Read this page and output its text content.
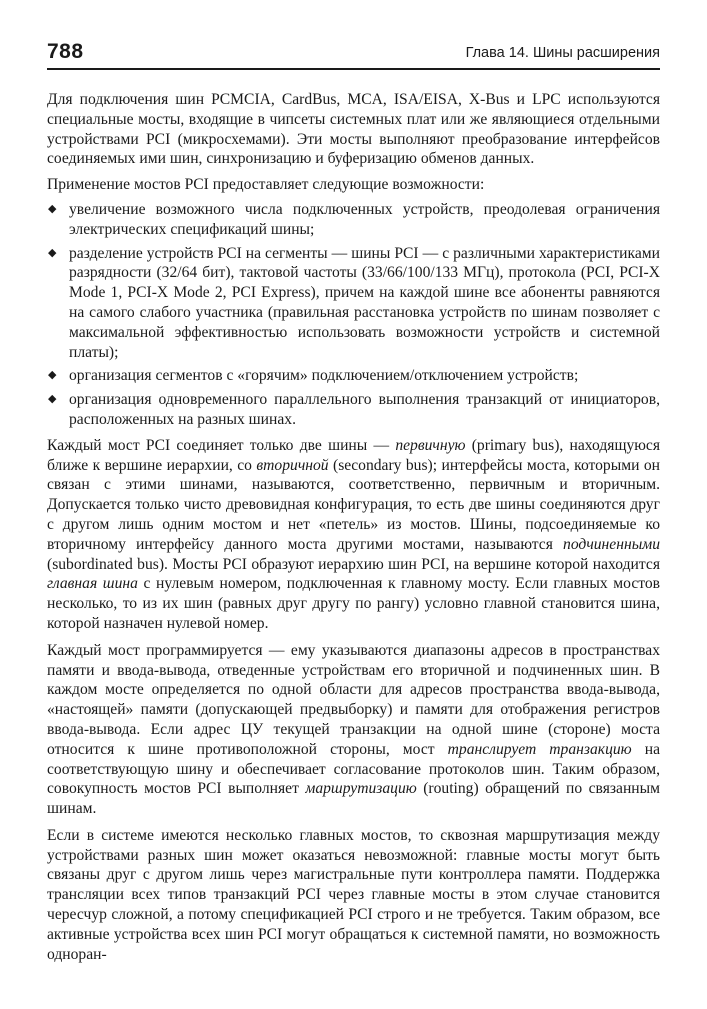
788	Глава 14. Шины расширения

Для подключения шин PCMCIA, CardBus, MCA, ISA/EISA, X-Bus и LPC используются специальные мосты, входящие в чипсеты системных плат или же являющиеся отдельными устройствами PCI (микросхемами). Эти мосты выполняют преобразование интерфейсов соединяемых ими шин, синхронизацию и буферизацию обменов данных.

Применение мостов PCI предоставляет следующие возможности:

◆ увеличение возможного числа подключенных устройств, преодолевая ограничения электрических спецификаций шины;
◆ разделение устройств PCI на сегменты — шины PCI — с различными характеристиками разрядности (32/64 бит), тактовой частоты (33/66/100/133 МГц), протокола (PCI, PCI-X Mode 1, PCI-X Mode 2, PCI Express), причем на каждой шине все абоненты равняются на самого слабого участника (правильная расстановка устройств по шинам позволяет с максимальной эффективностью использовать возможности устройств и системной платы);
◆ организация сегментов с «горячим» подключением/отключением устройств;
◆ организация одновременного параллельного выполнения транзакций от инициаторов, расположенных на разных шинах.

Каждый мост PCI соединяет только две шины — первичную (primary bus), находящуюся ближе к вершине иерархии, со вторичной (secondary bus); интерфейсы моста, которыми он связан с этими шинами, называются, соответственно, первичным и вторичным. Допускается только чисто древовидная конфигурация, то есть две шины соединяются друг с другом лишь одним мостом и нет «петель» из мостов. Шины, подсоединяемые ко вторичному интерфейсу данного моста другими мостами, называются подчиненными (subordinated bus). Мосты PCI образуют иерархию шин PCI, на вершине которой находится главная шина с нулевым номером, подключенная к главному мосту. Если главных мостов несколько, то из их шин (равных друг другу по рангу) условно главной становится шина, которой назначен нулевой номер.

Каждый мост программируется — ему указываются диапазоны адресов в пространствах памяти и ввода-вывода, отведенные устройствам его вторичной и подчиненных шин. В каждом мосте определяется по одной области для адресов пространства ввода-вывода, «настоящей» памяти (допускающей предвыборку) и памяти для отображения регистров ввода-вывода. Если адрес ЦУ текущей транзакции на одной шине (стороне) моста относится к шине противоположной стороны, мост транслирует транзакцию на соответствующую шину и обеспечивает согласование протоколов шин. Таким образом, совокупность мостов PCI выполняет маршрутизацию (routing) обращений по связанным шинам.

Если в системе имеются несколько главных мостов, то сквозная маршрутизация между устройствами разных шин может оказаться невозможной: главные мосты могут быть связаны друг с другом лишь через магистральные пути контроллера памяти. Поддержка трансляции всех типов транзакций PCI через главные мосты в этом случае становится чересчур сложной, а потому спецификацией PCI строго и не требуется. Таким образом, все активные устройства всех шин PCI могут обращаться к системной памяти, но возможность одноран-
